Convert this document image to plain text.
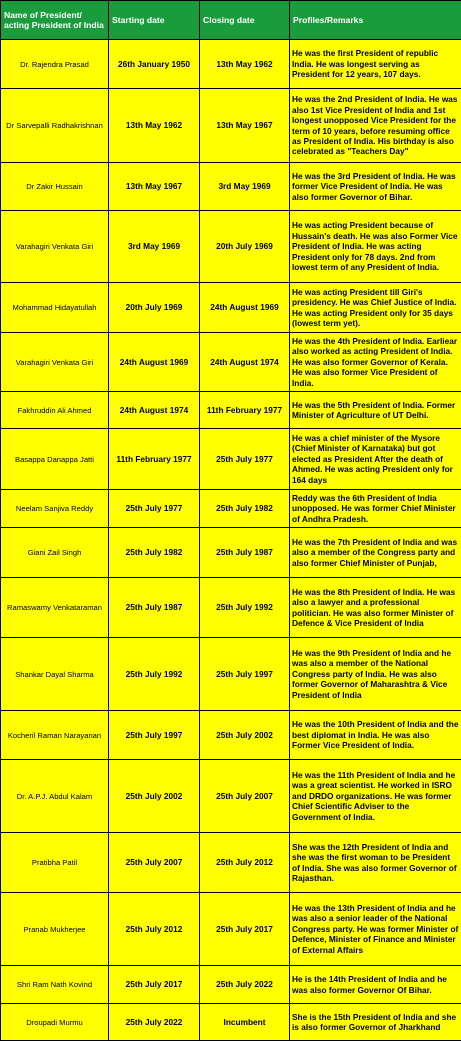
Name of President/ acting President of India	Starting date	Closing date	Profiles/Remarks
Dr. Rajendra Prasad	26th January 1950	13th May 1962	He was the first President of republic India. He was longest serving as President for 12 years, 107 days.
Dr Sarvepalli Radhakrishnan	13th May 1962	13th May 1967	He was the 2nd President of India. He was also 1st Vice President of India and 1st longest unopposed Vice President for the term of 10 years, before resuming office as President of India. His birthday is also celebrated as "Teachers Day"
Dr Zakir Hussain	13th May 1967	3rd May 1969	He was the 3rd President of India. He was former Vice President of India. He was also former Governor of Bihar.
Varahagiri Venkata Giri	3rd May 1969	20th July 1969	He was acting President because of Hussain's death. He was also Former Vice President of India. He was acting President only for 78 days. 2nd from lowest term of any President of India.
Mohammad Hidayatullah	20th July 1969	24th August 1969	He was acting President till Giri's presidency. He was Chief Justice of India. He was acting President only for 35 days (lowest term yet).
Varahagiri Venkata Giri	24th August 1969	24th August 1974	He was the 4th President of India. Earliear also worked as acting President of India. He was also former Governor of Kerala. He was also former Vice President of India.
Fakhruddin Ali Ahmed	24th August 1974	11th February 1977	He was the 5th President of India. Former Minister of Agriculture of UT Delhi.
Basappa Danappa Jatti	11th February 1977	25th July 1977	He was a chief minister of the Mysore (Chief Minister of Karnataka) but got elected as President After the death of Ahmed. He was acting President only for 164 days
Neelam Sanjiva Reddy	25th July 1977	25th July 1982	Reddy was the 6th President of India unopposed. He was former Chief Minister of Andhra Pradesh.
Giani Zail Singh	25th July 1982	25th July 1987	He was the 7th President of India and was also a member of the Congress party and also former Chief Minister of Punjab,
Ramaswamy Venkataraman	25th July 1987	25th July 1992	He was the 8th President of India. He was also a lawyer and a professional politician. He was also former Minister of Defence & Vice President of India
Shankar Dayal Sharma	25th July 1992	25th July 1997	He was the 9th President of India and he was also a member of the National Congress party of India. He was also former Governor of Maharashtra & Vice President of India
Kocheril Raman Narayanan	25th July 1997	25th July 2002	He was the 10th President of India and the best diplomat in India. He was also Former Vice President of India.
Dr. A.P.J. Abdul Kalam	25th July 2002	25th July 2007	He was the 11th President of India and he was a great scientist. He worked in ISRO and DRDO organizations. He was former Chief Scientific Adviser to the Government of India.
Pratibha Patil	25th July 2007	25th July 2012	She was the 12th President of India and she was the first woman to be President of India. She was also former Governor of Rajasthan.
Pranab Mukherjee	25th July 2012	25th July 2017	He was the 13th President of India and he was also a senior leader of the National Congress party. He was former Minister of Defence, Minister of Finance and Minister of External Affairs
Shri Ram Nath Kovind	25th July 2017	25th July 2022	He is the 14th President of India and he was also former Governor Of Bihar.
Droupadi Murmu	25th July 2022	Incumbent	She is the 15th President of India and she is also former Governor of Jharkhand
